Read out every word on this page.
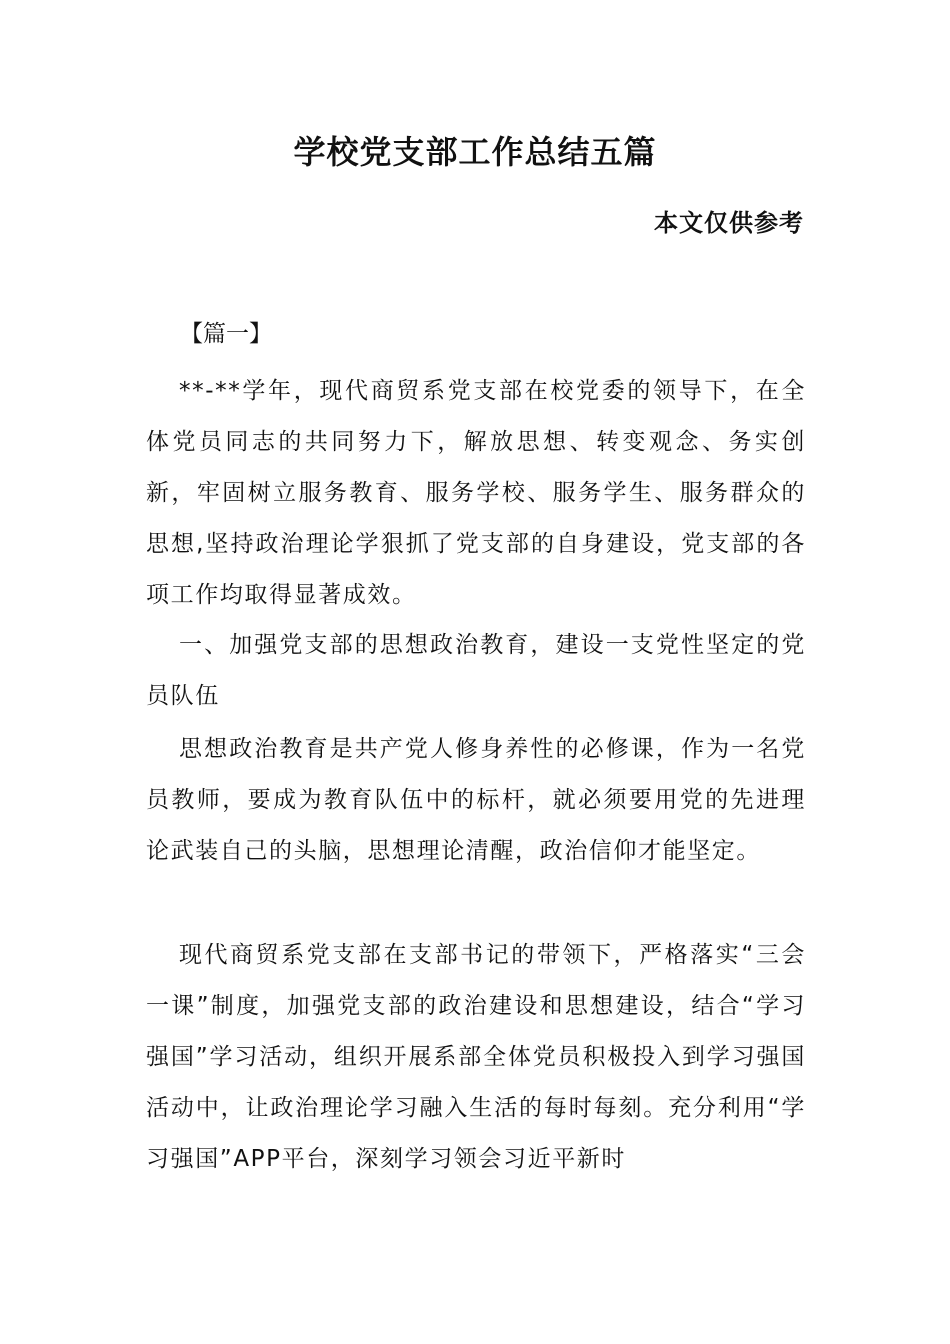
学校党支部工作总结五篇
本文仅供参考
【篇一】

**-**学年，现代商贸系党支部在校党委的领导下，在全体党员同志的共同努力下，解放思想、转变观念、务实创新，牢固树立服务教育、服务学校、服务学生、服务群众的思想,坚持政治理论学狠抓了党支部的自身建设，党支部的各项工作均取得显著成效。

一、加强党支部的思想政治教育，建设一支党性坚定的党员队伍

思想政治教育是共产党人修身养性的必修课，作为一名党员教师，要成为教育队伍中的标杆，就必须要用党的先进理论武装自己的头脑，思想理论清醒，政治信仰才能坚定。

现代商贸系党支部在支部书记的带领下，严格落实“三会一课”制度，加强党支部的政治建设和思想建设，结合“学习强国”学习活动，组织开展系部全体党员积极投入到学习强国活动中，让政治理论学习融入生活的每时每刻。充分利用“学习强国”APP平台，深刻学习领会习近平新时
